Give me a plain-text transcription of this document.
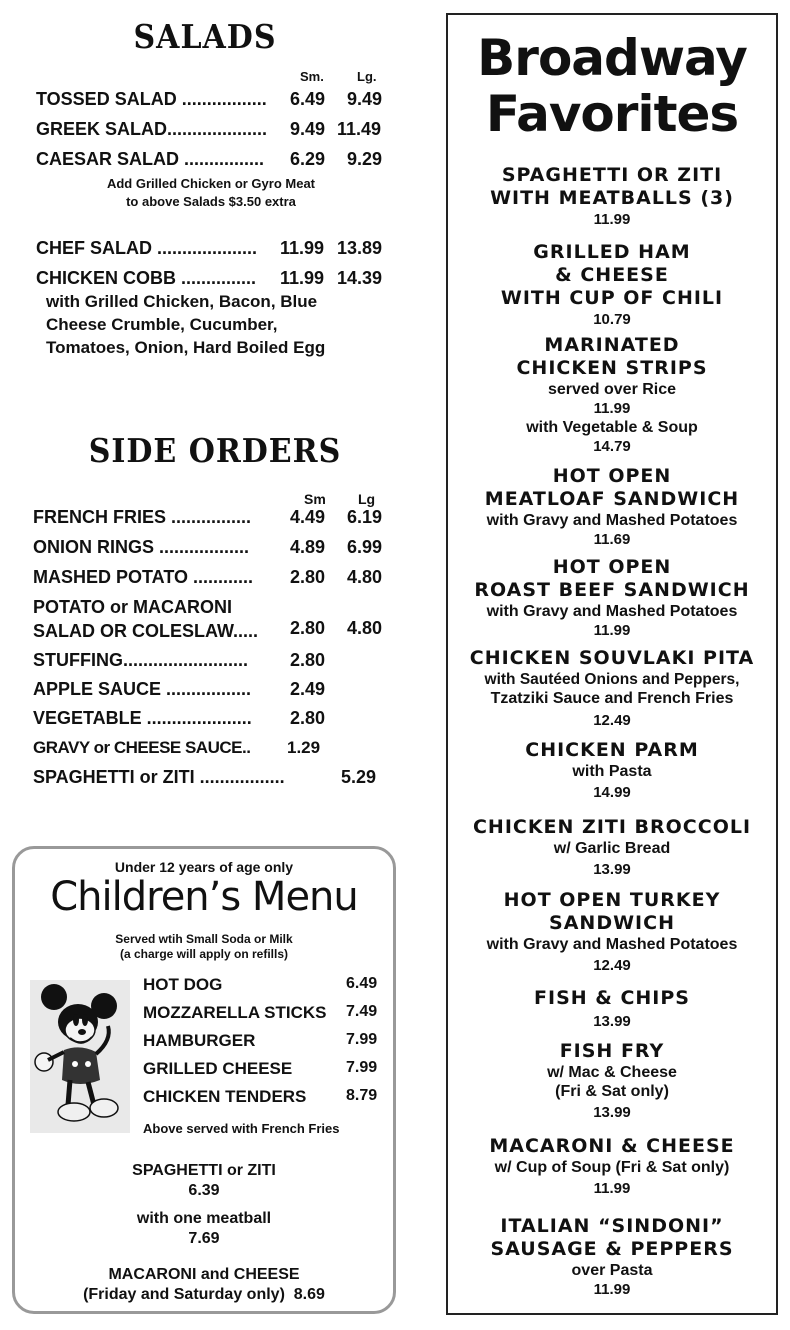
SALADS
Sm.	Lg.
TOSSED SALAD ................. 6.49 9.49
GREEK SALAD.................... 9.49 11.49
CAESAR SALAD ................ 6.29 9.29
Add Grilled Chicken or Gyro Meat
to above Salads $3.50 extra
CHEF SALAD .................... 11.99 13.89
CHICKEN COBB ............... 11.99 14.39
with Grilled Chicken, Bacon, Blue
Cheese Crumble, Cucumber,
Tomatoes, Onion, Hard Boiled Egg
SIDE ORDERS
Sm Lg
FRENCH FRIES ................ 4.49 6.19
ONION RINGS .................. 4.89 6.99
MASHED POTATO ............ 2.80 4.80
POTATO or MACARONI
SALAD OR COLESLAW..... 2.80 4.80
STUFFING......................... 2.80
APPLE SAUCE ................. 2.49
VEGETABLE ..................... 2.80
GRAVY or CHEESE SAUCE.. 1.29
SPAGHETTI or ZITI .................	5.29
Under 12 years of age only
Children’s Menu
Served wtih Small Soda or Milk
(a charge will apply on refills)
HOT DOG	6.49
MOZZARELLA STICKS 7.49
HAMBURGER	7.99
GRILLED CHEESE	7.99
CHICKEN TENDERS 8.79
Above served with French Fries
SPAGHETTI or ZITI
6.39
with one meatball
7.69
MACARONI and CHEESE
(Friday and Saturday only) 8.69
Broadway
Favorites
SPAGHETTI OR ZITI
WITH MEATBALLS (3)
11.99
GRILLED HAM
& CHEESE
WITH CUP OF CHILI
10.79
MARINATED
CHICKEN STRIPS
served over Rice
11.99
with Vegetable & Soup
14.79
HOT OPEN
MEATLOAF SANDWICH
with Gravy and Mashed Potatoes
11.69
HOT OPEN
ROAST BEEF SANDWICH
with Gravy and Mashed Potatoes
11.99
CHICKEN SOUVLAKI PITA
with Sautéed Onions and Peppers,
Tzatziki Sauce and French Fries
12.49
CHICKEN PARM
with Pasta
14.99
CHICKEN ZITI BROCCOLI
w/ Garlic Bread
13.99
HOT OPEN TURKEY
SANDWICH
with Gravy and Mashed Potatoes
12.49
FISH & CHIPS
13.99
FISH FRY
w/ Mac & Cheese
(Fri & Sat only)
13.99
MACARONI & CHEESE
w/ Cup of Soup (Fri & Sat only)
11.99
ITALIAN “SINDONI”
SAUSAGE & PEPPERS
over Pasta
11.99
